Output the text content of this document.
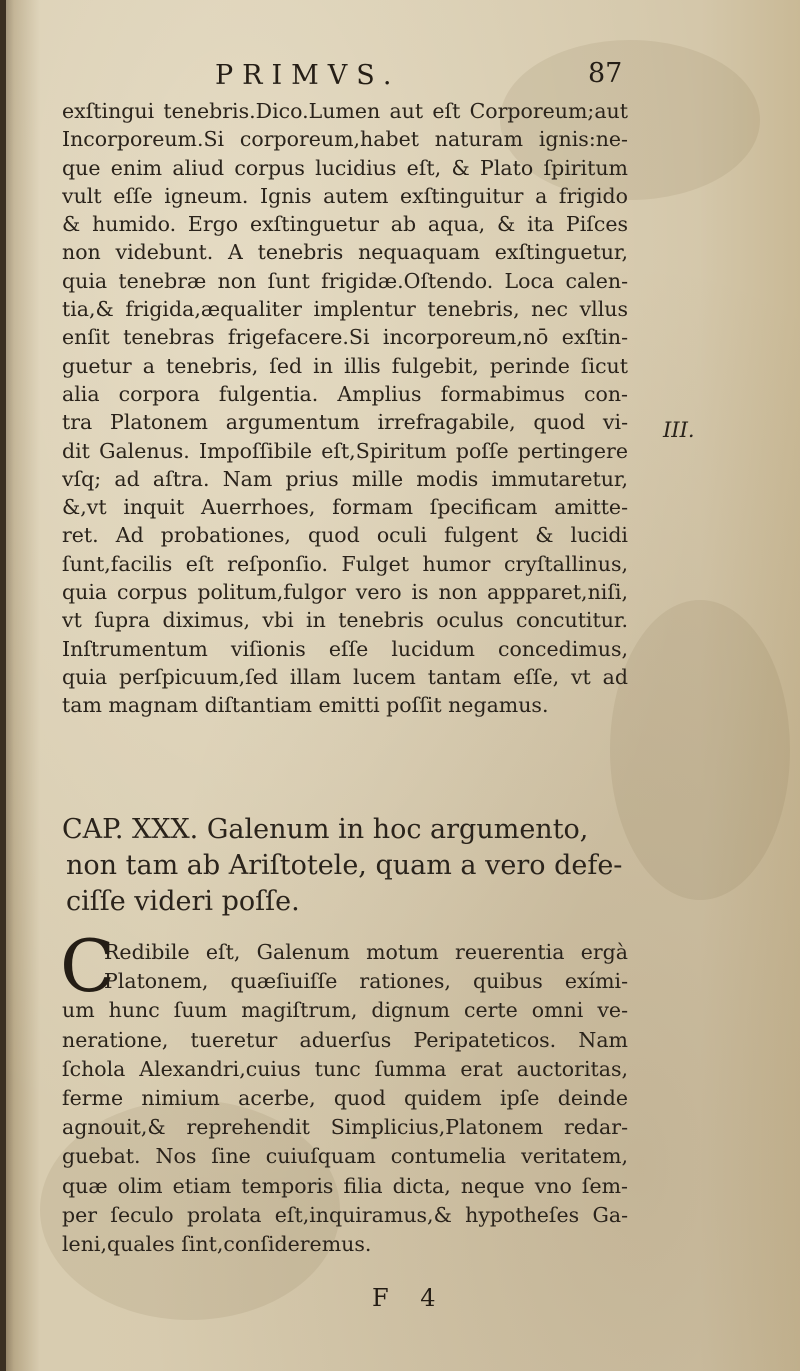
PRIMVS.	87
exſtingui tenebris.Dico.Lumen aut eſt Corporeum;aut
Incorporeum.Si corporeum,habet naturam ignis:ne-
que enim aliud corpus lucidius eſt, & Plato ſpiritum
vult eſſe igneum. Ignis autem exſtinguitur a frigido
& humido. Ergo exſtinguetur ab aqua, & ita Piſces
non videbunt. A tenebris nequaquam exſtinguetur,
quia tenebræ non ſunt frigidæ.Oſtendo. Loca calen-
tia,& frigida,æqualiter implentur tenebris, nec vllus
enſit tenebras frigefacere.Si incorporeum,nō exſtin-
guetur a tenebris, ſed in illis fulgebit, perinde ſicut
alia corpora fulgentia. Amplius formabimus con-
tra Platonem argumentum irrefragabile, quod vi-
dit Galenus. Impoſſibile eſt,Spiritum poſſe pertingere
vſq; ad aſtra. Nam prius mille modis immutaretur,
&,vt inquit Auerrhoes, formam ſpecificam amitte-
ret. Ad probationes, quod oculi fulgent & lucidi
ſunt,facilis eſt reſponſio. Fulget humor cryſtallinus,
quia corpus politum,fulgor vero is non appparet,niſi,
vt ſupra diximus, vbi in tenebris oculus concutitur.
Inſtrumentum viſionis eſſe lucidum concedimus,
quia perſpicuum,ſed illam lucem tantam eſſe, vt ad
tam magnam diſtantiam emitti poſſit negamus.
III.
CAP. XXX. Galenum in hoc argumento,
non tam ab Ariſtotele, quam a vero defe-
ciſſe videri poſſe.
C
Redibile eſt, Galenum motum reuerentia ergà
Platonem, quæſiuiſſe rationes, quibus exími-
um hunc ſuum magiſtrum, dignum certe omni ve-
neratione, tueretur aduerſus Peripateticos. Nam
ſchola Alexandri,cuius tunc ſumma erat auctoritas,
ferme nimium acerbe, quod quidem ipſe deinde
agnouit,& reprehendit Simplicius,Platonem redar-
guebat. Nos ſine cuiuſquam contumelia veritatem,
quæ olim etiam temporis filia dicta, neque vno ſem-
per ſeculo prolata eſt,inquiramus,& hypotheſes Ga-
leni,quales ſint,conſideremus.
F 4
